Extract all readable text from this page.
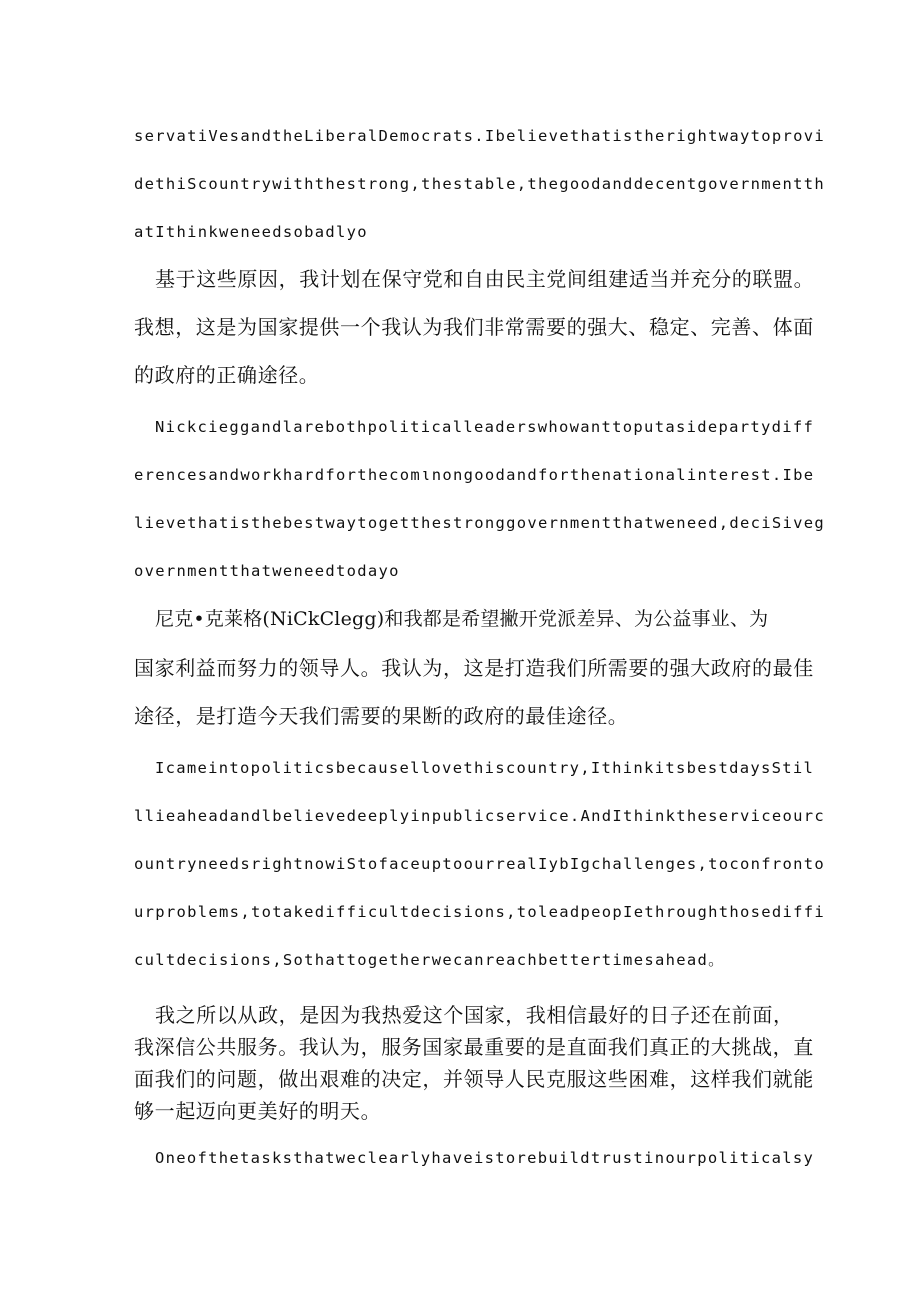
servatiVesandtheLiberalDemocrats.Ibelievethatistherightwaytoprovi
dethiScountrywiththestrong,thestable,thegoodanddecentgovernmentth
atIthinkweneedsobadlyo
基于这些原因，我计划在保守党和自由民主党间组建适当并充分的联盟。
我想，这是为国家提供一个我认为我们非常需要的强大、稳定、完善、体面
的政府的正确途径。
Nickcieggandlarebothpoliticalleaderswhowanttoputasidepartydiff
erencesandworkhardforthecomιnongoodandforthenationalinterest.Ibe
lievethatisthebestwaytogetthestronggovernmentthatweneed,deciSiveg
overnmentthatweneedtodayo
尼克•克莱格(NiCkClegg)和我都是希望撇开党派差异、为公益事业、为
国家利益而努力的领导人。我认为，这是打造我们所需要的强大政府的最佳
途径，是打造今天我们需要的果断的政府的最佳途径。
Icameintopoliticsbecausellovethiscountry,IthinkitsbestdaysStil
llieaheadandlbelievedeeplyinpublicservice.AndIthinktheserviceourc
ountryneedsrightnowiStofaceuptoourrealIybIgchallenges,toconfronto
urproblems,totakedifficultdecisions,toleadpeopIethroughthosediffi
cultdecisions,Sothattogetherwecanreachbettertimesahead。
我之所以从政，是因为我热爱这个国家，我相信最好的日子还在前面，
我深信公共服务。我认为，服务国家最重要的是直面我们真正的大挑战，直
面我们的问题，做出艰难的决定，并领导人民克服这些困难，这样我们就能
够一起迈向更美好的明天。
Oneofthetasksthatweclearlyhaveistorebuildtrustinourpoliticalsy
